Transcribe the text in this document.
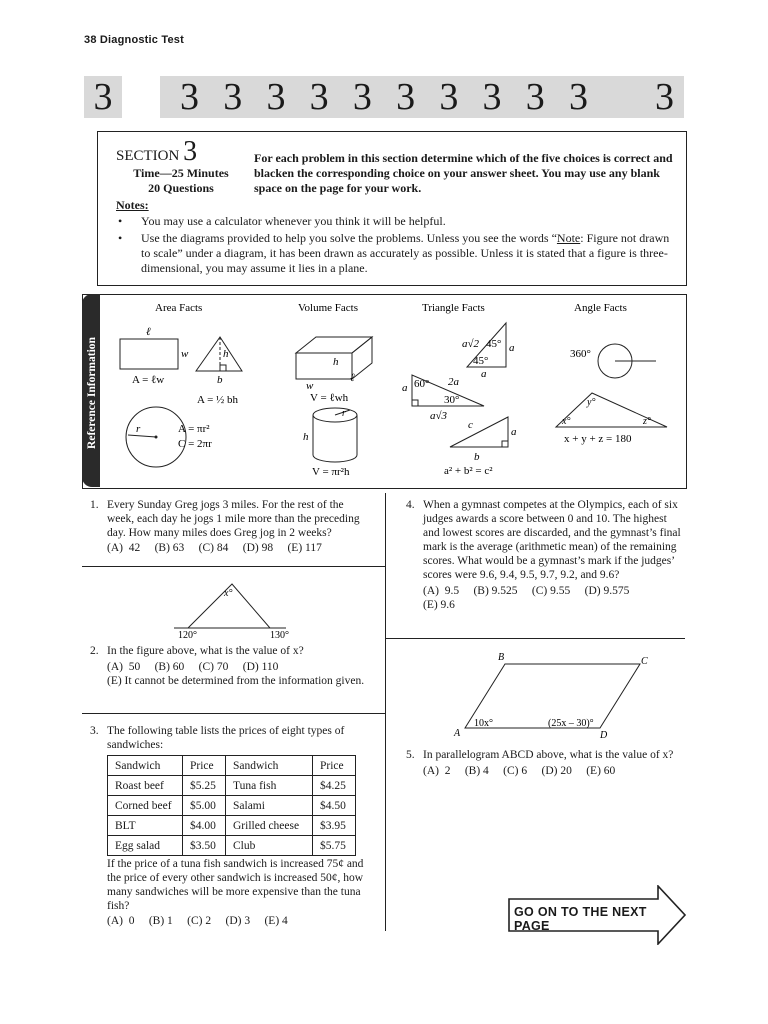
38 Diagnostic Test
3 3 3 3 3 3 3 3 3 3 3	3
SECTION 3
Time—25 Minutes
20 Questions
For each problem in this section determine which of the five choices is correct and blacken the corresponding choice on your answer sheet. You may use any blank space on the page for your work.
Notes:
• You may use a calculator whenever you think it will be helpful.
• Use the diagrams provided to help you solve the problems. Unless you see the words “Note: Figure not drawn to scale” under a diagram, it has been drawn as accurately as possible. Unless it is stated that a figure is three-dimensional, you may assume it lies in a plane.
Reference Information
Area Facts	Volume Facts	Triangle Facts	Angle Facts
ℓ
w
A = ℓw
h
b
A = ½ bh
r	A = πr²
C = 2πr
h
w
ℓ
V = ℓwh
r
h
V = πr²h
a√2 45°
45°
a
a
a 60° 2a
30°
a√3
c
a
b
a² + b² = c²
360°
x°
y°
z°
x + y + z = 180
1. Every Sunday Greg jogs 3 miles. For the rest of the week, each day he jogs 1 mile more than the preceding day. How many miles does Greg jog in 2 weeks?
(A)  42     (B) 63     (C) 84     (D) 98     (E) 117
x°
120°	130°
2. In the figure above, what is the value of x?
(A)  50     (B) 60     (C) 70     (D) 110
(E) It cannot be determined from the information given.
3. The following table lists the prices of eight types of sandwiches:
Sandwich	Price	Sandwich	Price
Roast beef	$5.25	Tuna fish	$4.25
Corned beef	$5.00	Salami	$4.50
BLT	$4.00	Grilled cheese	$3.95
Egg salad	$3.50	Club	$5.75
If the price of a tuna fish sandwich is increased 75¢ and the price of every other sandwich is increased 50¢, how many sandwiches will be more expensive than the tuna fish?
(A)  0     (B) 1     (C) 2     (D) 3     (E) 4
4. When a gymnast competes at the Olympics, each of six judges awards a score between 0 and 10. The highest and lowest scores are discarded, and the gymnast’s final mark is the average (arithmetic mean) of the remaining scores. What would be a gymnast’s mark if the judges’ scores were 9.6, 9.4, 9.5, 9.7, 9.2, and 9.6?
(A)  9.5     (B) 9.525     (C) 9.55     (D) 9.575
(E) 9.6
A
B	C
D
10x°	(25x – 30)°
5. In parallelogram ABCD above, what is the value of x?
(A)  2     (B) 4     (C) 6     (D) 20     (E) 60
GO ON TO THE NEXT PAGE
